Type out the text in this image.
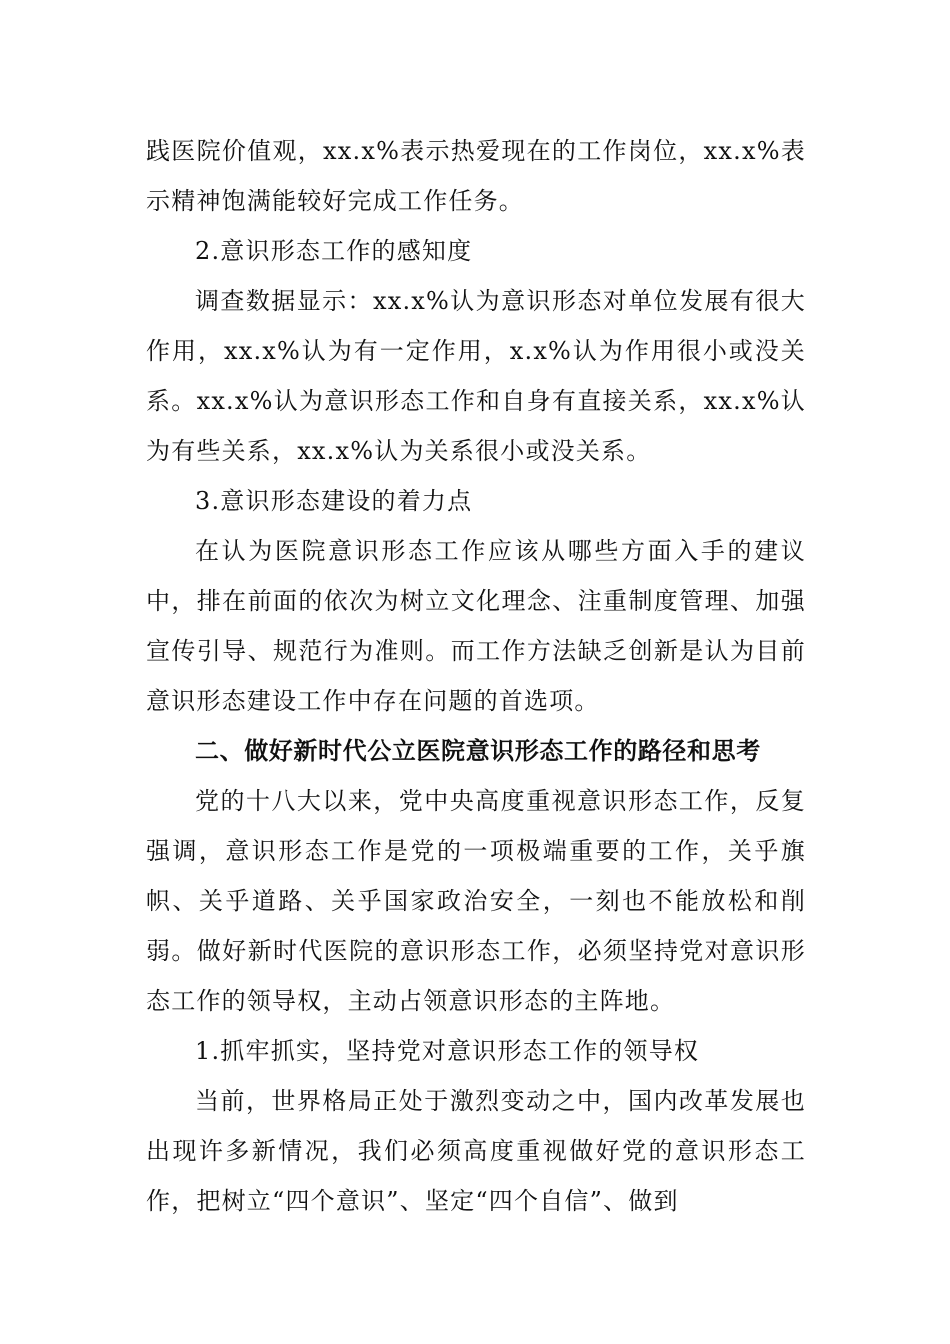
践医院价值观，xx.x%表示热爱现在的工作岗位，xx.x%表示精神饱满能较好完成工作任务。

2.意识形态工作的感知度

调查数据显示：xx.x%认为意识形态对单位发展有很大作用，xx.x%认为有一定作用，x.x%认为作用很小或没关系。xx.x%认为意识形态工作和自身有直接关系，xx.x%认为有些关系，xx.x%认为关系很小或没关系。

3.意识形态建设的着力点

在认为医院意识形态工作应该从哪些方面入手的建议中，排在前面的依次为树立文化理念、注重制度管理、加强宣传引导、规范行为准则。而工作方法缺乏创新是认为目前意识形态建设工作中存在问题的首选项。

二、做好新时代公立医院意识形态工作的路径和思考

党的十八大以来，党中央高度重视意识形态工作，反复强调，意识形态工作是党的一项极端重要的工作，关乎旗帜、关乎道路、关乎国家政治安全，一刻也不能放松和削弱。做好新时代医院的意识形态工作，必须坚持党对意识形态工作的领导权，主动占领意识形态的主阵地。

1.抓牢抓实，坚持党对意识形态工作的领导权

当前，世界格局正处于激烈变动之中，国内改革发展也出现许多新情况，我们必须高度重视做好党的意识形态工作，把树立“四个意识”、坚定“四个自信”、做到
